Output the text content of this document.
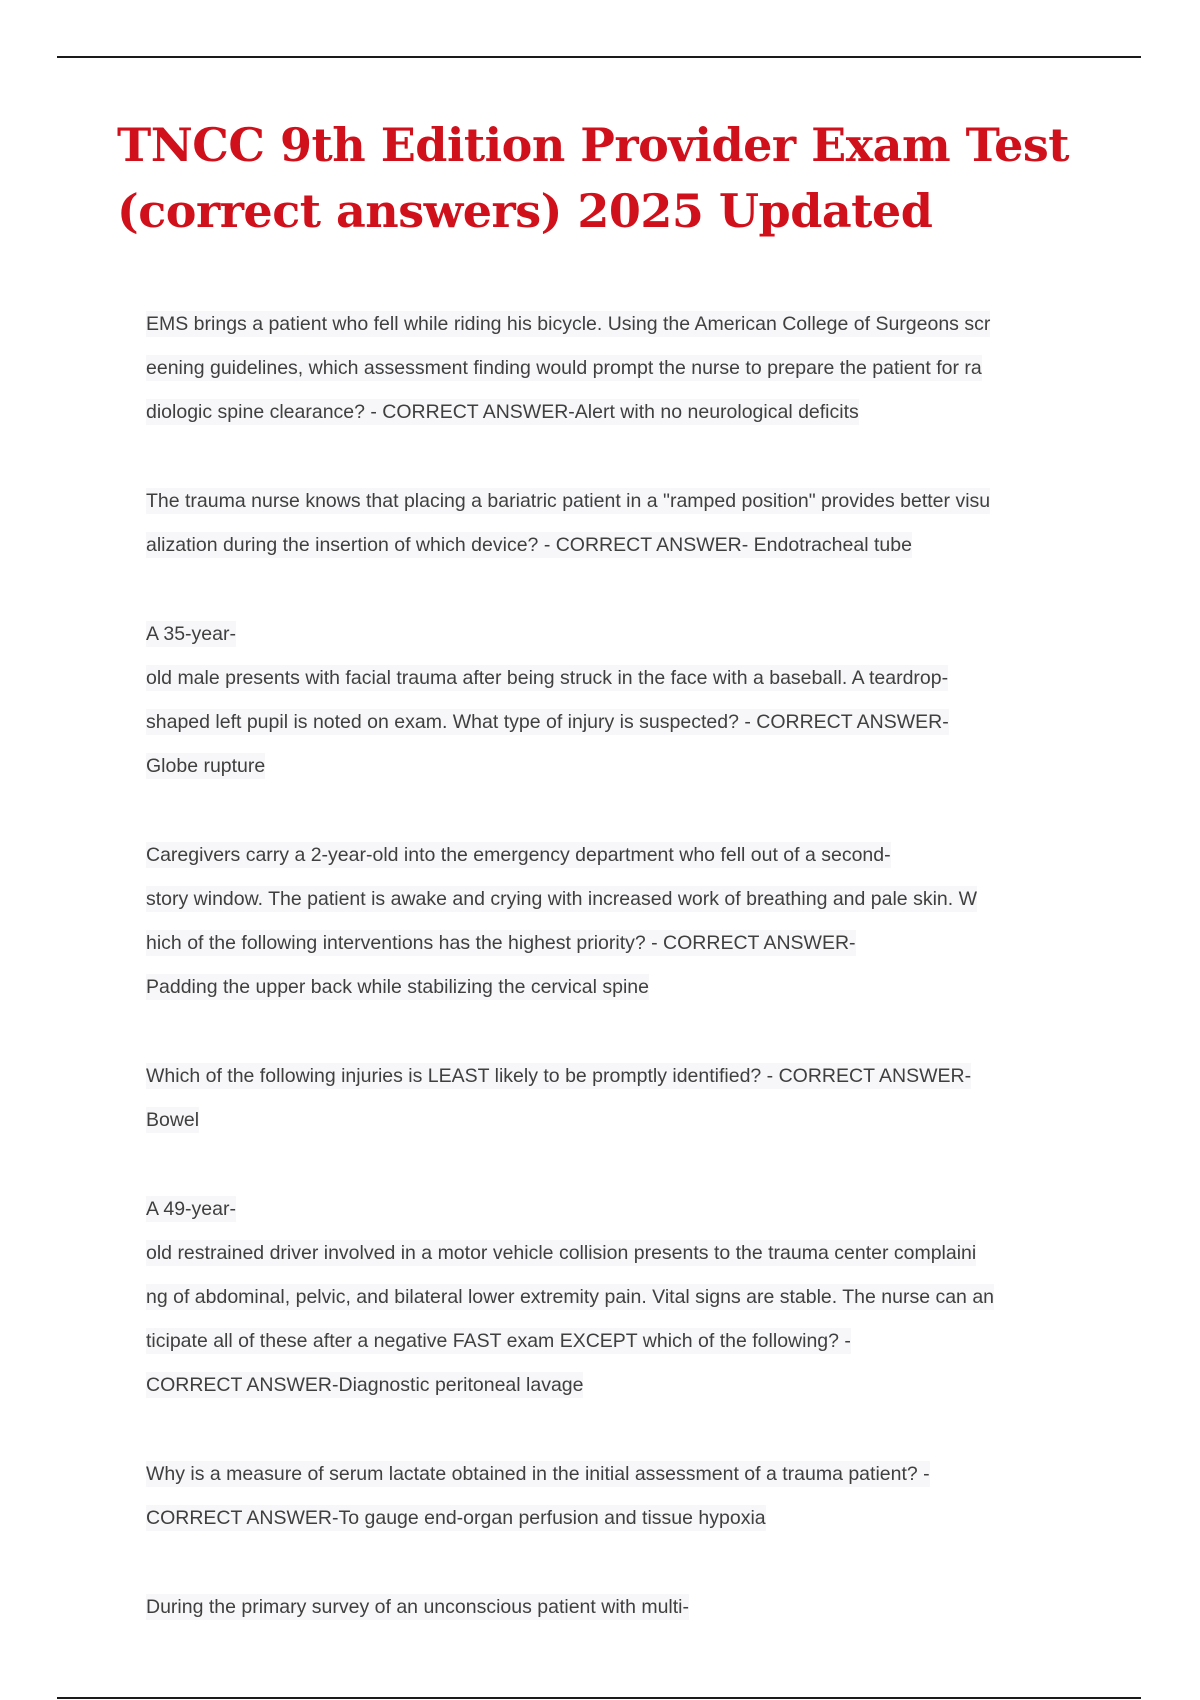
TNCC 9th Edition Provider Exam Test
(correct answers) 2025 Updated
EMS brings a patient who fell while riding his bicycle. Using the American College of Surgeons scr
eening guidelines, which assessment finding would prompt the nurse to prepare the patient for ra
diologic spine clearance? - CORRECT ANSWER-Alert with no neurological deficits
The trauma nurse knows that placing a bariatric patient in a "ramped position" provides better visu
alization during the insertion of which device? - CORRECT ANSWER- Endotracheal tube
A 35-year-
old male presents with facial trauma after being struck in the face with a baseball. A teardrop-
shaped left pupil is noted on exam. What type of injury is suspected? - CORRECT ANSWER-
Globe rupture
Caregivers carry a 2-year-old into the emergency department who fell out of a second-
story window. The patient is awake and crying with increased work of breathing and pale skin. W
hich of the following interventions has the highest priority? - CORRECT ANSWER-
Padding the upper back while stabilizing the cervical spine
Which of the following injuries is LEAST likely to be promptly identified? - CORRECT ANSWER-
Bowel
A 49-year-
old restrained driver involved in a motor vehicle collision presents to the trauma center complaini
ng of abdominal, pelvic, and bilateral lower extremity pain. Vital signs are stable. The nurse can an
ticipate all of these after a negative FAST exam EXCEPT which of the following? -
CORRECT ANSWER-Diagnostic peritoneal lavage
Why is a measure of serum lactate obtained in the initial assessment of a trauma patient? -
CORRECT ANSWER-To gauge end-organ perfusion and tissue hypoxia
During the primary survey of an unconscious patient with multi-
